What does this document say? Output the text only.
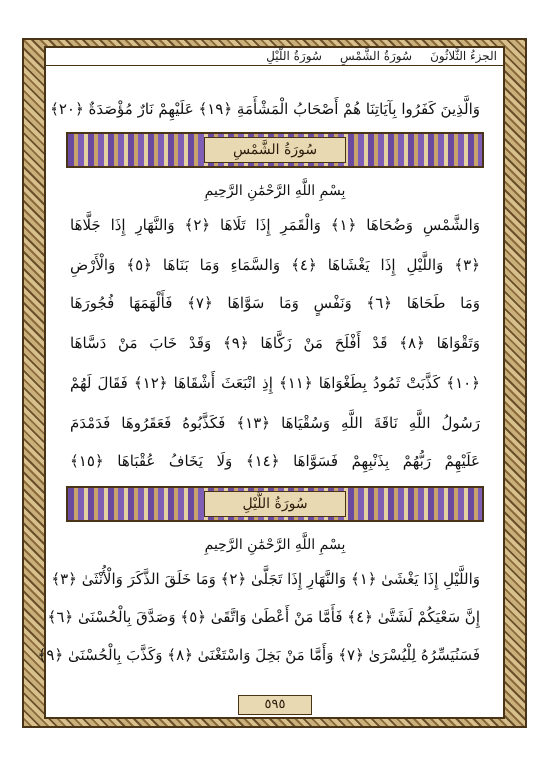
الجزءُ الثَّلاثُونَ
سُورَةُ الشَّمْسِ
سُورَةُ اللَّيْلِ
وَالَّذِينَ كَفَرُوا بِآيَاتِنَا هُمْ أَصْحَابُ الْمَشْأَمَةِ ﴿١٩﴾ عَلَيْهِمْ نَارٌ مُؤْصَدَةٌ ﴿٢٠﴾
سُورَةُ الشَّمْسِ
بِسْمِ اللَّهِ الرَّحْمَٰنِ الرَّحِيمِ
وَالشَّمْسِ وَضُحَاهَا ﴿١﴾ وَالْقَمَرِ إِذَا تَلَاهَا ﴿٢﴾ وَالنَّهَارِ إِذَا جَلَّاهَا
﴿٣﴾ وَاللَّيْلِ إِذَا يَغْشَاهَا ﴿٤﴾ وَالسَّمَاءِ وَمَا بَنَاهَا ﴿٥﴾ وَالْأَرْضِ
وَمَا طَحَاهَا ﴿٦﴾ وَنَفْسٍ وَمَا سَوَّاهَا ﴿٧﴾ فَأَلْهَمَهَا فُجُورَهَا
وَتَقْوَاهَا ﴿٨﴾ قَدْ أَفْلَحَ مَنْ زَكَّاهَا ﴿٩﴾ وَقَدْ خَابَ مَنْ دَسَّاهَا
﴿١٠﴾ كَذَّبَتْ ثَمُودُ بِطَغْوَاهَا ﴿١١﴾ إِذِ انْبَعَثَ أَشْقَاهَا ﴿١٢﴾ فَقَالَ لَهُمْ
رَسُولُ اللَّهِ نَاقَةَ اللَّهِ وَسُقْيَاهَا ﴿١٣﴾ فَكَذَّبُوهُ فَعَقَرُوهَا فَدَمْدَمَ
عَلَيْهِمْ رَبُّهُمْ بِذَنْبِهِمْ فَسَوَّاهَا ﴿١٤﴾ وَلَا يَخَافُ عُقْبَاهَا ﴿١٥﴾
سُورَةُ اللَّيْلِ
بِسْمِ اللَّهِ الرَّحْمَٰنِ الرَّحِيمِ
وَاللَّيْلِ إِذَا يَغْشَىٰ ﴿١﴾ وَالنَّهَارِ إِذَا تَجَلَّىٰ ﴿٢﴾ وَمَا خَلَقَ الذَّكَرَ وَالْأُنْثَىٰ ﴿٣﴾
إِنَّ سَعْيَكُمْ لَشَتَّىٰ ﴿٤﴾ فَأَمَّا مَنْ أَعْطَىٰ وَاتَّقَىٰ ﴿٥﴾ وَصَدَّقَ بِالْحُسْنَىٰ ﴿٦﴾
فَسَنُيَسِّرُهُ لِلْيُسْرَىٰ ﴿٧﴾ وَأَمَّا مَنْ بَخِلَ وَاسْتَغْنَىٰ ﴿٨﴾ وَكَذَّبَ بِالْحُسْنَىٰ ﴿٩﴾
٥٩٥
